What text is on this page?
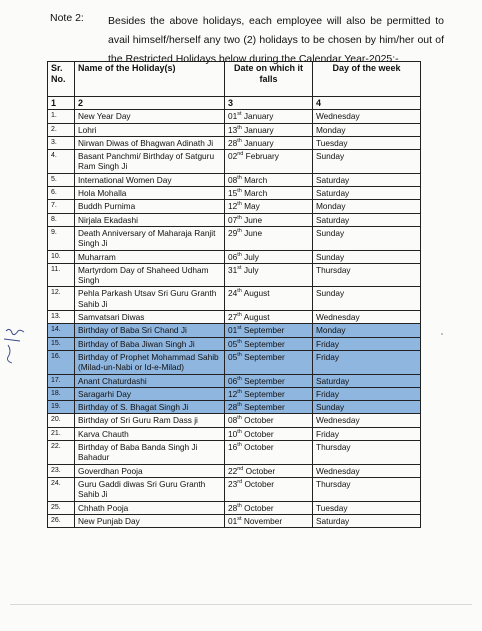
Note 2: Besides the above holidays, each employee will also be permitted to avail himself/herself any two (2) holidays to be chosen by him/her out of the Restricted Holidays below during the Calendar Year-2025:-
Sr. No.	Name of the Holiday(s)	Date on which it falls	Day of the week
1	2	3	4
1.	New Year Day	01st January	Wednesday
2.	Lohri	13th January	Monday
3.	Nirwan Diwas of Bhagwan Adinath Ji	28th January	Tuesday
4.	Basant Panchmi/ Birthday of Satguru Ram Singh Ji	02nd February	Sunday
5.	International Women Day	08th March	Saturday
6.	Hola Mohalla	15th March	Saturday
7.	Buddh Purnima	12th May	Monday
8.	Nirjala Ekadashi	07th June	Saturday
9.	Death Anniversary of Maharaja Ranjit Singh Ji	29th June	Sunday
10.	Muharram	06th July	Sunday
11.	Martyrdom Day of Shaheed Udham Singh	31st July	Thursday
12.	Pehla Parkash Utsav Sri Guru Granth Sahib Ji	24th August	Sunday
13.	Samvatsari Diwas	27th August	Wednesday
14.	Birthday of Baba Sri Chand Ji	01st September	Monday
15.	Birthday of Baba Jiwan Singh Ji	05th September	Friday
16.	Birthday of Prophet Mohammad Sahib (Milad-un-Nabi or Id-e-Milad)	05th September	Friday
17.	Anant Chaturdashi	06th September	Saturday
18.	Saragarhi Day	12th September	Friday
19.	Birthday of S. Bhagat Singh Ji	28th September	Sunday
20.	Birthday of Sri Guru Ram Dass ji	08th October	Wednesday
21.	Karva Chauth	10th October	Friday
22.	Birthday of Baba Banda Singh Ji Bahadur	16th October	Thursday
23.	Goverdhan Pooja	22nd October	Wednesday
24.	Guru Gaddi diwas Sri Guru Granth Sahib Ji	23rd October	Thursday
25.	Chhath Pooja	28th October	Tuesday
26.	New Punjab Day	01st November	Saturday
